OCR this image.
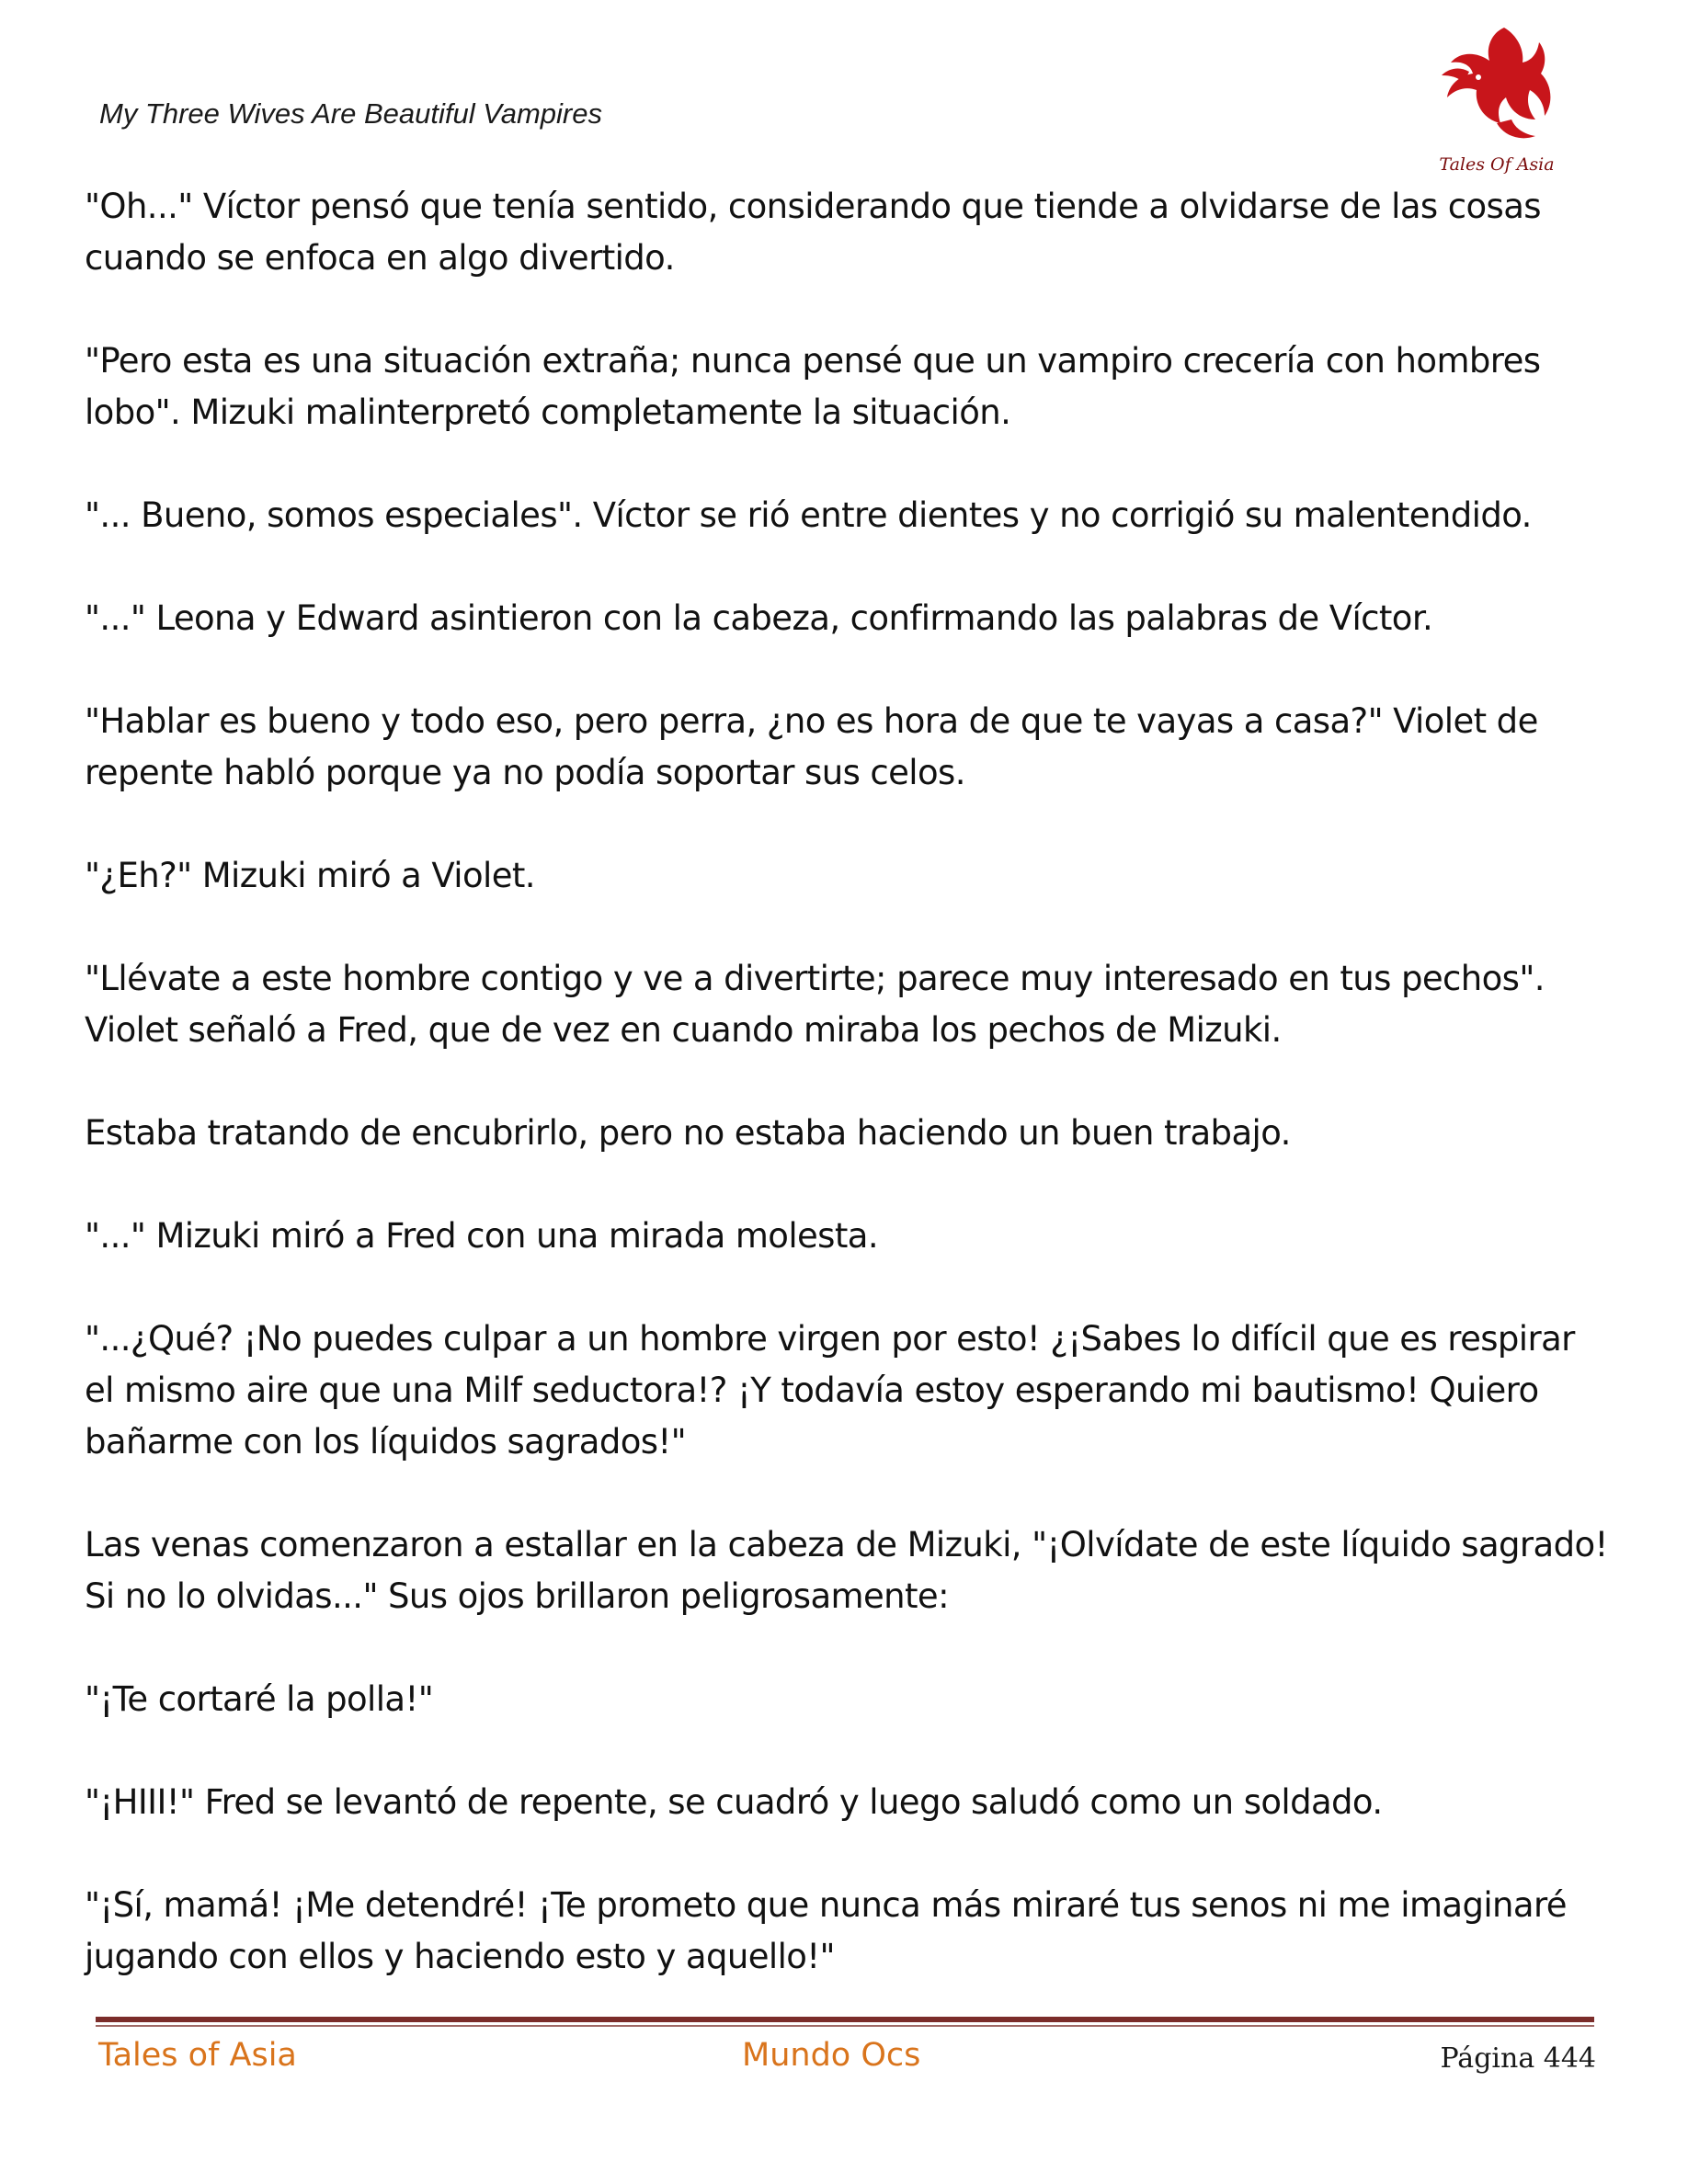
My Three Wives Are Beautiful Vampires
Tales Of Asia

"Oh..." Víctor pensó que tenía sentido, considerando que tiende a olvidarse de las cosas cuando se enfoca en algo divertido.

"Pero esta es una situación extraña; nunca pensé que un vampiro crecería con hombres lobo". Mizuki malinterpretó completamente la situación.

"... Bueno, somos especiales". Víctor se rió entre dientes y no corrigió su malentendido.

"..." Leona y Edward asintieron con la cabeza, confirmando las palabras de Víctor.

"Hablar es bueno y todo eso, pero perra, ¿no es hora de que te vayas a casa?" Violet de repente habló porque ya no podía soportar sus celos.

"¿Eh?" Mizuki miró a Violet.

"Llévate a este hombre contigo y ve a divertirte; parece muy interesado en tus pechos". Violet señaló a Fred, que de vez en cuando miraba los pechos de Mizuki.

Estaba tratando de encubrirlo, pero no estaba haciendo un buen trabajo.

"..." Mizuki miró a Fred con una mirada molesta.

"...¿Qué? ¡No puedes culpar a un hombre virgen por esto! ¿¡Sabes lo difícil que es respirar el mismo aire que una Milf seductora!? ¡Y todavía estoy esperando mi bautismo! Quiero bañarme con los líquidos sagrados!"

Las venas comenzaron a estallar en la cabeza de Mizuki, "¡Olvídate de este líquido sagrado! Si no lo olvidas..." Sus ojos brillaron peligrosamente:

"¡Te cortaré la polla!"

"¡HIII!" Fred se levantó de repente, se cuadró y luego saludó como un soldado.

"¡Sí, mamá! ¡Me detendré! ¡Te prometo que nunca más miraré tus senos ni me imaginaré jugando con ellos y haciendo esto y aquello!"

Tales of Asia	Mundo Ocs	Página 444
